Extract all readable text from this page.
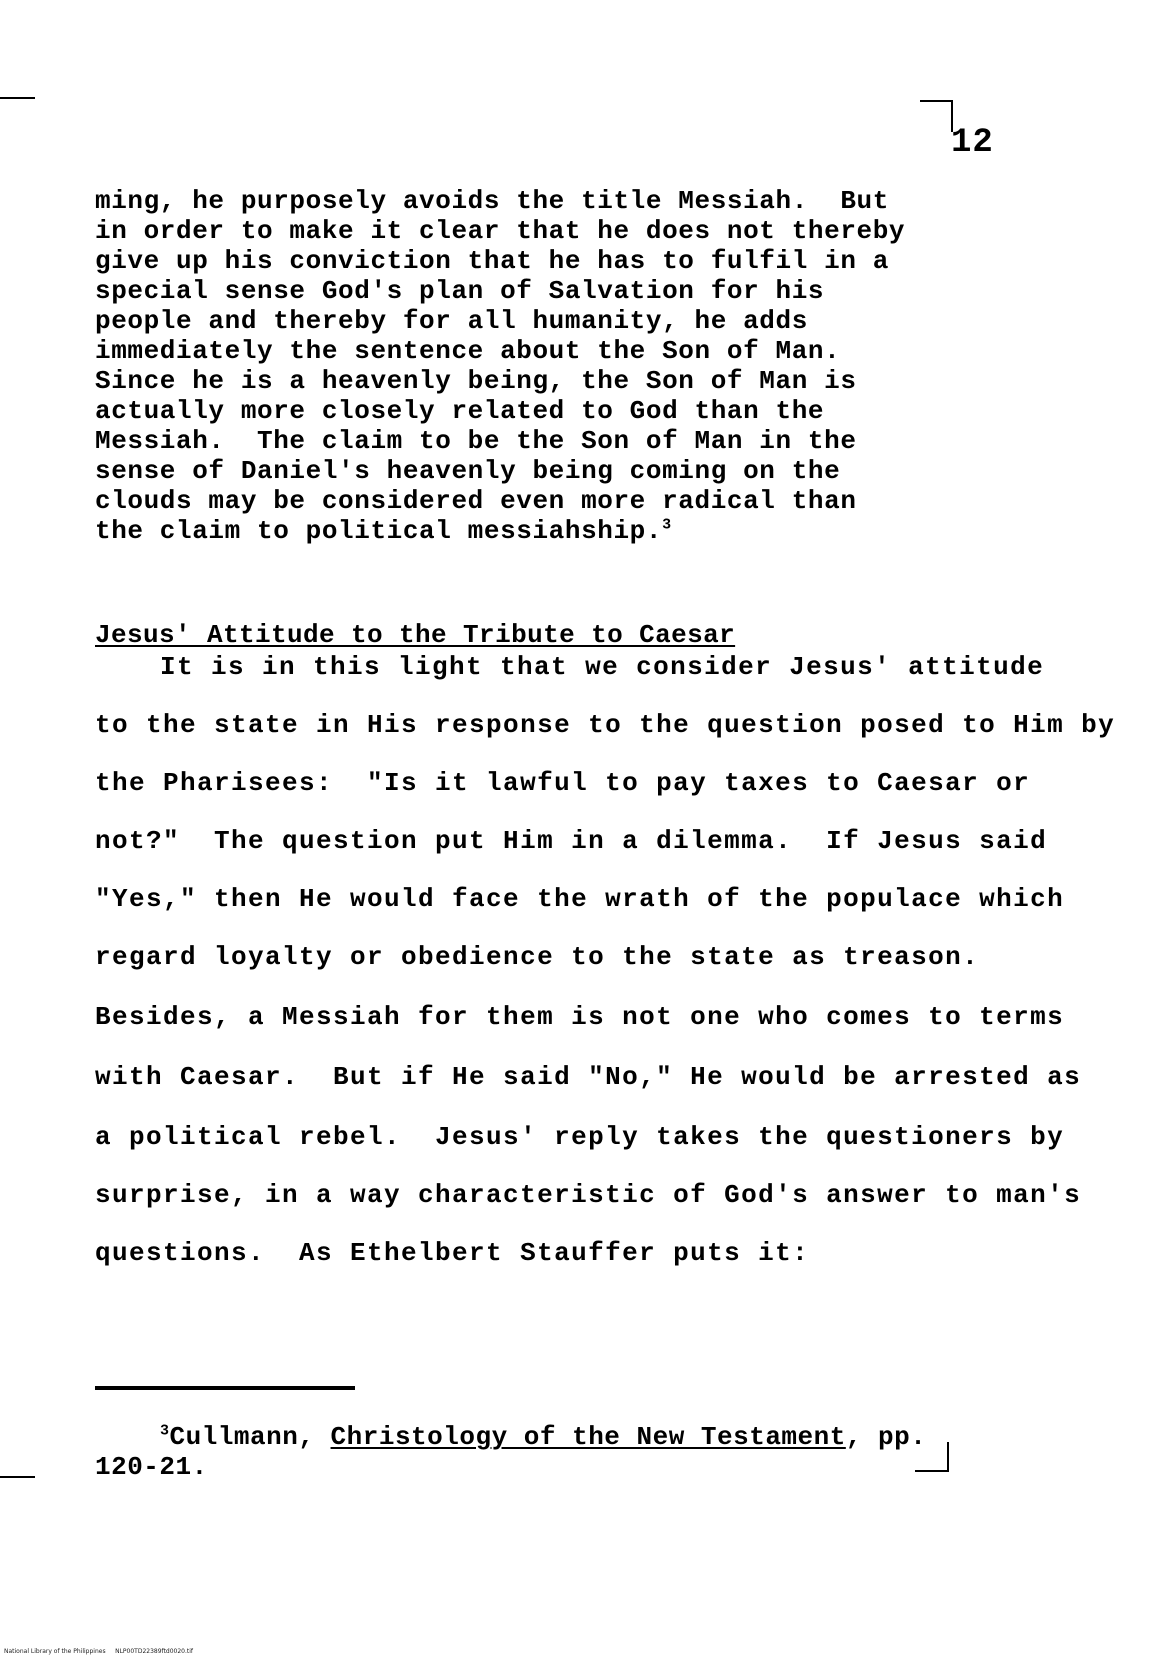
12
ming, he purposely avoids the title Messiah.  But
in order to make it clear that he does not thereby
give up his conviction that he has to fulfil in a
special sense God's plan of Salvation for his
people and thereby for all humanity, he adds
immediately the sentence about the Son of Man.
Since he is a heavenly being, the Son of Man is
actually more closely related to God than the
Messiah.  The claim to be the Son of Man in the
sense of Daniel's heavenly being coming on the
clouds may be considered even more radical than
the claim to political messiahship.$^3$
Jesus' Attitude to the Tribute to Caesar
It is in this light that we consider Jesus' attitude
to the state in His response to the question posed to Him by
the Pharisees:  "Is it lawful to pay taxes to Caesar or
not?"  The question put Him in a dilemma.  If Jesus said
"Yes," then He would face the wrath of the populace which
regard loyalty or obedience to the state as treason.
Besides, a Messiah for them is not one who comes to terms
with Caesar.  But if He said "No," He would be arrested as
a political rebel.  Jesus' reply takes the questioners by
surprise, in a way characteristic of God's answer to man's
questions.  As Ethelbert Stauffer puts it:
$^3$Cullmann, Christology of the New Testament, pp.
120-21.
National Library of the Philippines     NLP00TD22389ftd0020.tif
